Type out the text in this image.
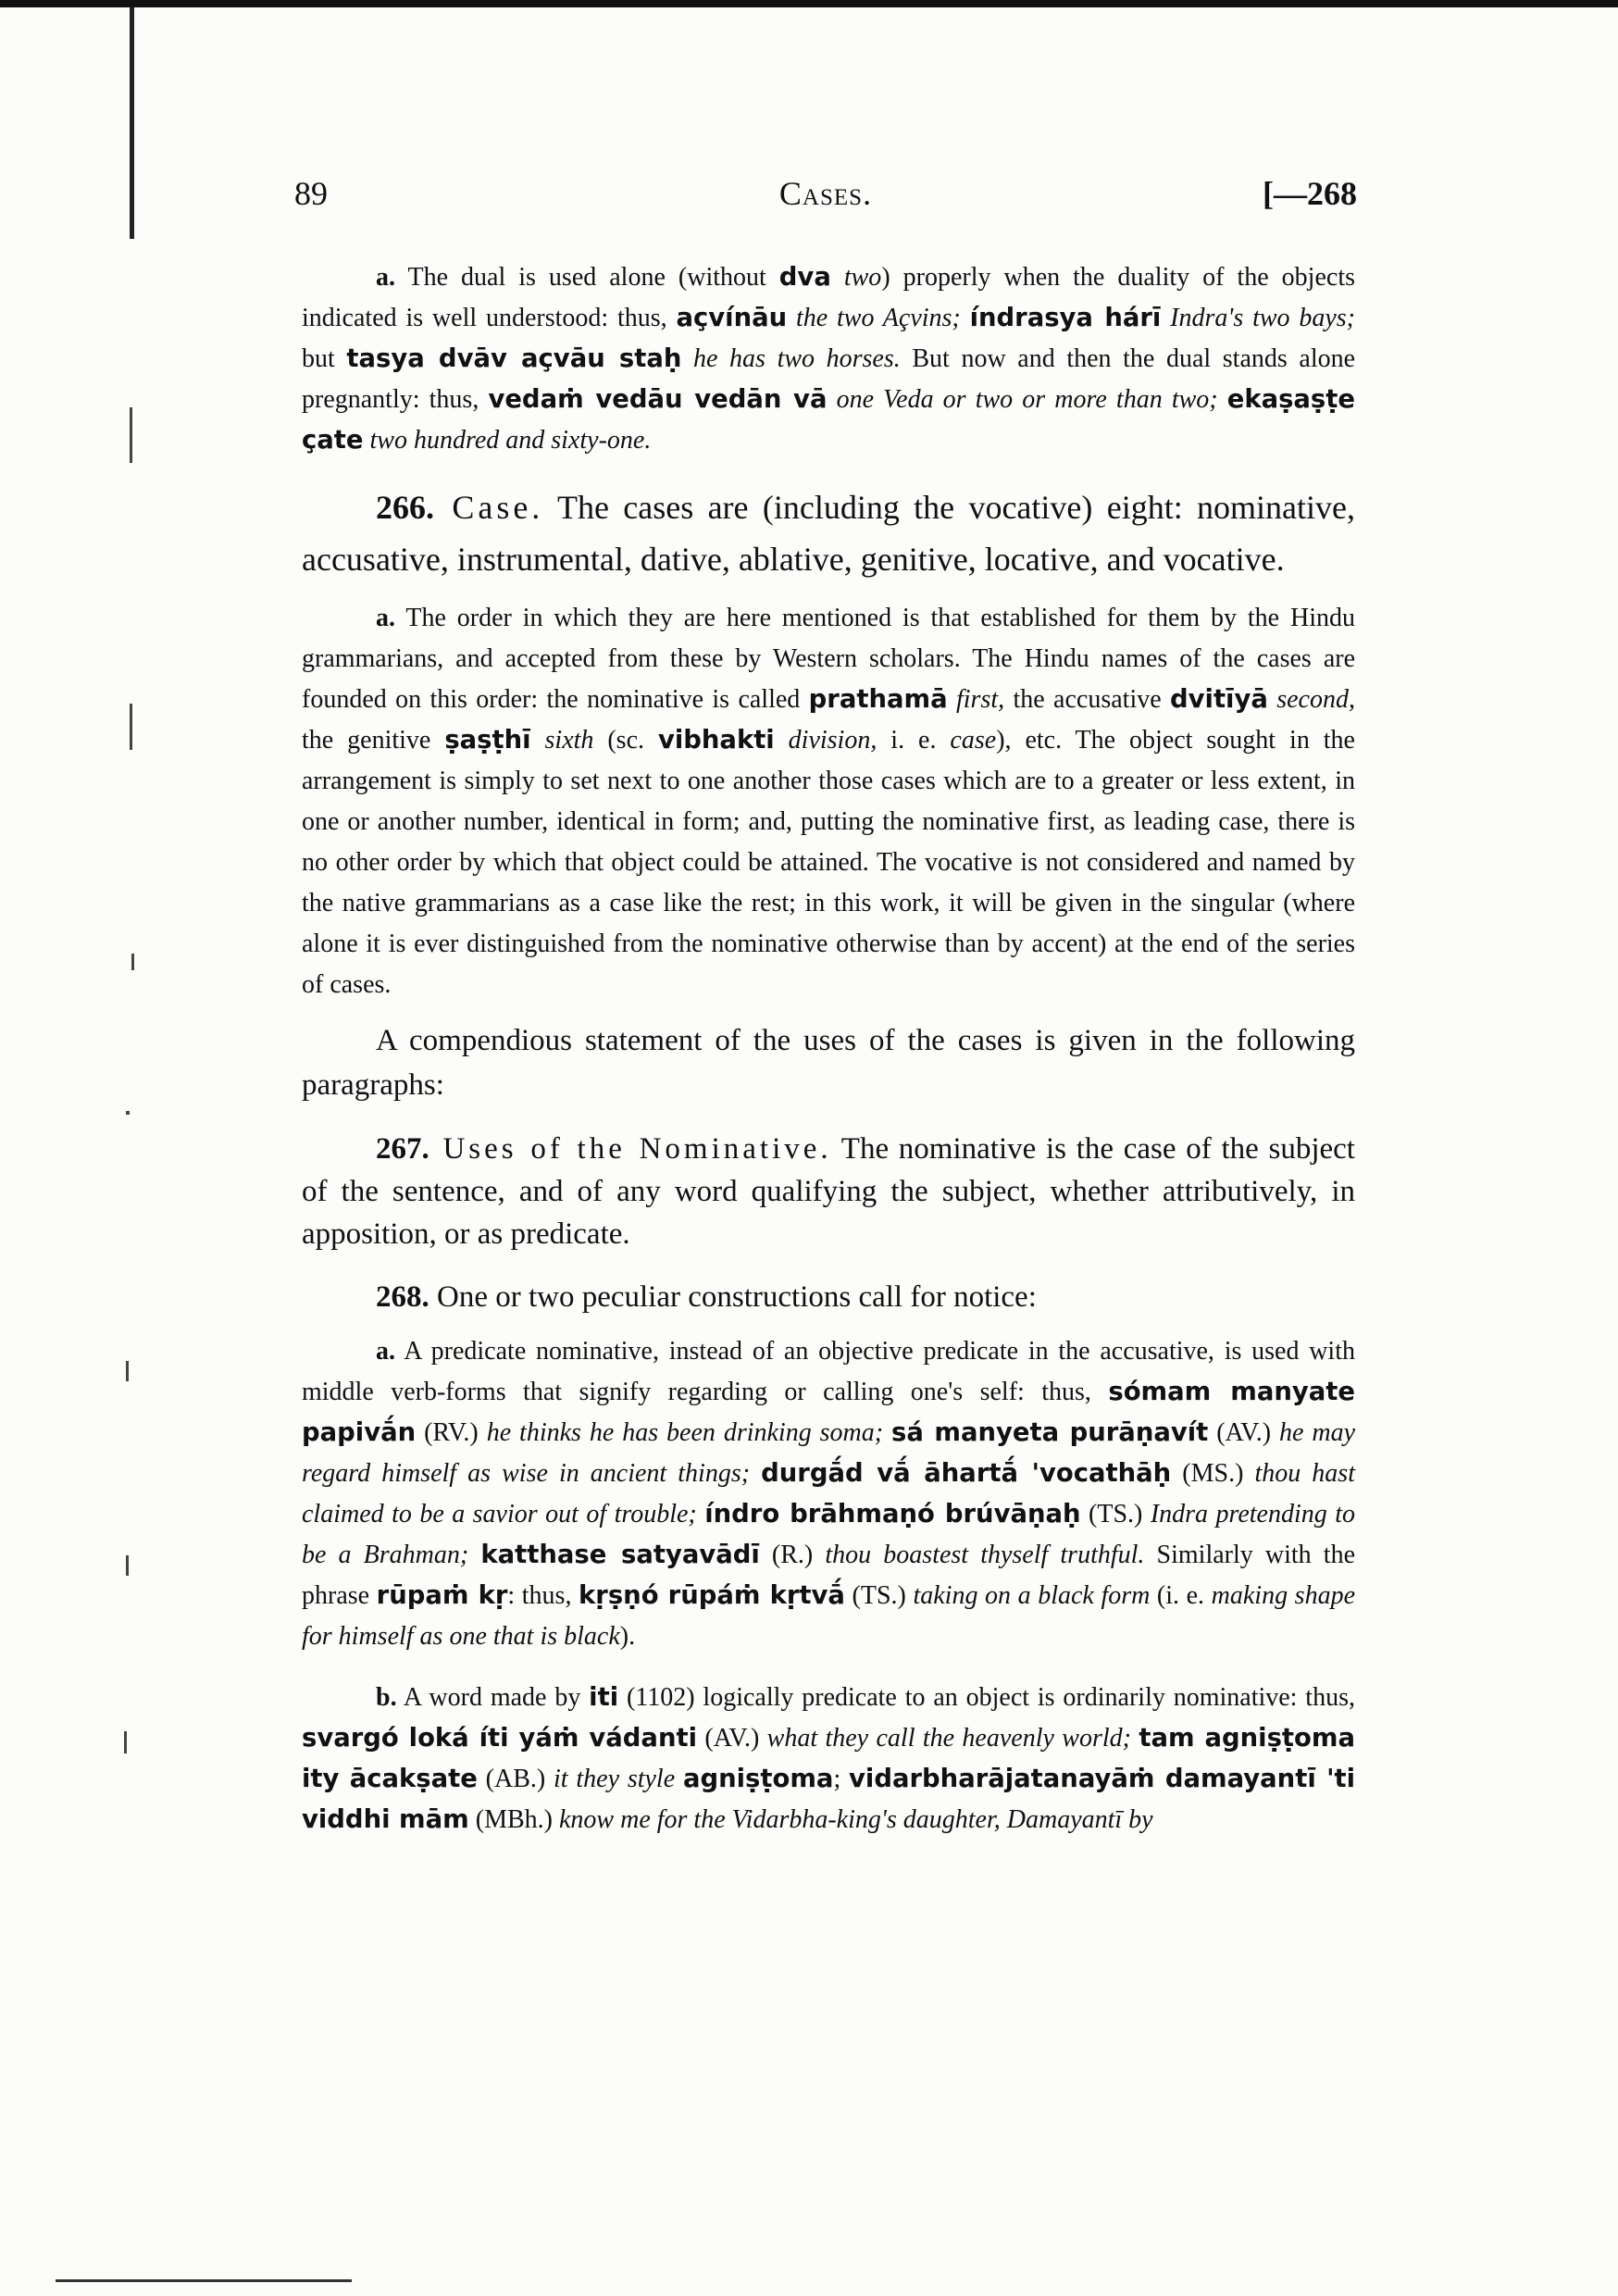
89	Cases.	[—268

a. The dual is used alone (without dva two) properly when the duality of the objects indicated is well understood: thus, açvínāu the two Açvins; índrasya hárī Indra's two bays; but tasya dvāv açvāu staḥ he has two horses. But now and then the dual stands alone pregnantly: thus, vedaṁ vedāu vedān vā one Veda or two or more than two; ekaṣaṣṭe çate two hundred and sixty-one.

266. Case. The cases are (including the vocative) eight: nominative, accusative, instrumental, dative, ablative, genitive, locative, and vocative.

a. The order in which they are here mentioned is that established for them by the Hindu grammarians, and accepted from these by Western scholars. The Hindu names of the cases are founded on this order: the nominative is called prathamā first, the accusative dvitīyā second, the genitive ṣaṣṭhī sixth (sc. vibhakti division, i. e. case), etc. The object sought in the arrangement is simply to set next to one another those cases which are to a greater or less extent, in one or another number, identical in form; and, putting the nominative first, as leading case, there is no other order by which that object could be attained. The vocative is not considered and named by the native grammarians as a case like the rest; in this work, it will be given in the singular (where alone it is ever distinguished from the nominative otherwise than by accent) at the end of the series of cases.

A compendious statement of the uses of the cases is given in the following paragraphs:

267. Uses of the Nominative. The nominative is the case of the subject of the sentence, and of any word qualifying the subject, whether attributively, in apposition, or as predicate.

268. One or two peculiar constructions call for notice:

a. A predicate nominative, instead of an objective predicate in the accusative, is used with middle verb-forms that signify regarding or calling one's self: thus, sómam manyate papivā́n (RV.) he thinks he has been drinking soma; sá manyeta purāṇavít (AV.) he may regard himself as wise in ancient things; durgā́d vā́ āhartā́ 'vocathāḥ (MS.) thou hast claimed to be a savior out of trouble; índro brāhmaṇó brúvāṇaḥ (TS.) Indra pretending to be a Brahman; katthase satyavādī (R.) thou boastest thyself truthful. Similarly with the phrase rūpaṁ kṛ: thus, kṛṣṇó rūpáṁ kṛtvā́ (TS.) taking on a black form (i. e. making shape for himself as one that is black).

b. A word made by iti (1102) logically predicate to an object is ordinarily nominative: thus, svargó loká íti yáṁ vádanti (AV.) what they call the heavenly world; tam agniṣṭoma ity ācakṣate (AB.) it they style agniṣṭoma; vidarbharājatanayāṁ damayantī 'ti viddhi mām (MBh.) know me for the Vidarbha-king's daughter, Damayantī by
